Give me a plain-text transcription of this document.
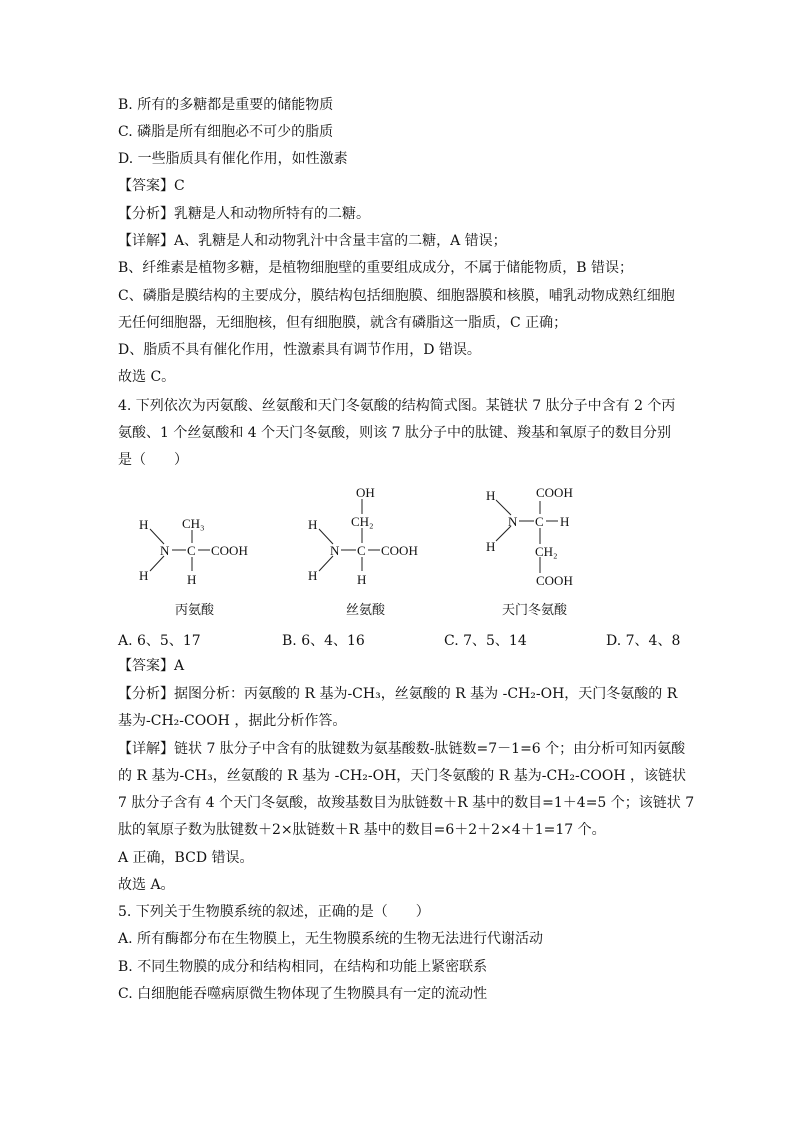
B. 所有的多糖都是重要的储能物质
C. 磷脂是所有细胞必不可少的脂质
D. 一些脂质具有催化作用，如性激素
【答案】C
【分析】乳糖是人和动物所特有的二糖。
【详解】A、乳糖是人和动物乳汁中含量丰富的二糖，A 错误；
B、纤维素是植物多糖，是植物细胞壁的重要组成成分，不属于储能物质，B 错误；
C、磷脂是膜结构的主要成分，膜结构包括细胞膜、细胞器膜和核膜，哺乳动物成熟红细胞
无任何细胞器，无细胞核，但有细胞膜，就含有磷脂这一脂质，C 正确；
D、脂质不具有催化作用，性激素具有调节作用，D 错误。
故选 C。
4. 下列依次为丙氨酸、丝氨酸和天门冬氨酸的结构简式图。某链状 7 肽分子中含有 2 个丙
氨酸、1 个丝氨酸和 4 个天门冬氨酸，则该 7 肽分子中的肽键、羧基和氧原子的数目分别
是（　　）
H
N
H
C
CH₃
H
COOH
丙氨酸
H
N
H
C
CH₂
OH
H
COOH
丝氨酸
H
N
H
C
COOH
H
CH₂
COOH
天门冬氨酸
A. 6、5、17	B. 6、4、16	C. 7、5、14	D. 7、4、8
【答案】A
【分析】据图分析：丙氨酸的 R 基为-CH₃，丝氨酸的 R 基为 -CH₂-OH，天门冬氨酸的 R
基为-CH₂-COOH ，据此分析作答。
【详解】链状 7 肽分子中含有的肽键数为氨基酸数-肽链数=7－1=6 个；由分析可知丙氨酸
的 R 基为-CH₃，丝氨酸的 R 基为 -CH₂-OH，天门冬氨酸的 R 基为-CH₂-COOH ，该链状
7 肽分子含有 4 个天门冬氨酸，故羧基数目为肽链数＋R 基中的数目=1＋4=5 个；该链状 7
肽的氧原子数为肽键数＋2×肽链数＋R 基中的数目=6＋2＋2×4＋1=17 个。
A 正确，BCD 错误。
故选 A。
5. 下列关于生物膜系统的叙述，正确的是（　　）
A. 所有酶都分布在生物膜上，无生物膜系统的生物无法进行代谢活动
B. 不同生物膜的成分和结构相同，在结构和功能上紧密联系
C. 白细胞能吞噬病原微生物体现了生物膜具有一定的流动性
